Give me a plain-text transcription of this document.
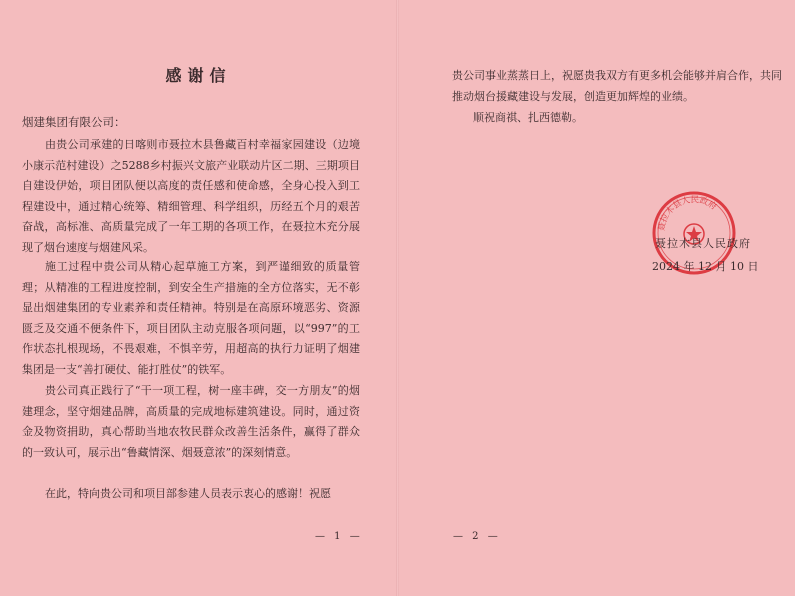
感谢信
烟建集团有限公司：

由贵公司承建的日喀则市聂拉木县鲁藏百村幸福家园建设（边境小康示范村建设）之5288乡村振兴文旅产业联动片区二期、三期项目自建设伊始，项目团队便以高度的责任感和使命感，全身心投入到工程建设中，通过精心统筹、精细管理、科学组织，历经五个月的艰苦奋战，高标准、高质量完成了一年工期的各项工作，在聂拉木充分展现了烟台速度与烟建风采。

施工过程中贵公司从精心起草施工方案，到严谨细致的质量管理；从精准的工程进度控制，到安全生产措施的全方位落实，无不彰显出烟建集团的专业素养和责任精神。特别是在高原环境恶劣、资源匮乏及交通不便条件下，项目团队主动克服各项问题，以“997”的工作状态扎根现场，不畏艰难，不惧辛劳，用超高的执行力证明了烟建集团是一支“善打硬仗、能打胜仗”的铁军。

贵公司真正践行了“干一项工程，树一座丰碑，交一方朋友”的烟建理念，坚守烟建品牌，高质量的完成地标建筑建设。同时，通过资金及物资捐助，真心帮助当地农牧民群众改善生活条件，赢得了群众的一致认可，展示出“鲁藏情深、烟聂意浓”的深刻情意。

在此，特向贵公司和项目部参建人员表示衷心的感谢！祝愿

— 1 —

贵公司事业蒸蒸日上，祝愿贵我双方有更多机会能够并肩合作，共同推动烟台援藏建设与发展，创造更加辉煌的业绩。

顺祝商祺、扎西德勒。

聂拉木县人民政府
聂拉木县人民政府
2024 年 12 月 10 日
— 2 —
